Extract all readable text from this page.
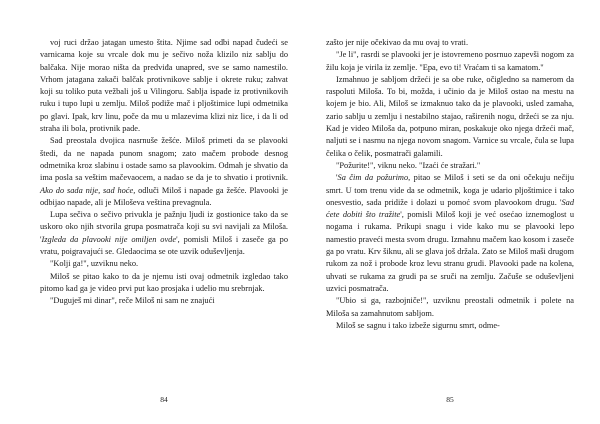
voj ruci držao jatagan umesto štita. Njime sad odbi napad čudeći se varnicama koje su vrcale dok mu je sečivo noža klizilo niz sablju do balčaka. Nije morao ništa da predviđa unapred, sve se samo namestilo. Vrhom jatagana zakači balčak protivnikove sablje i okrete ruku; zahvat koji su toliko puta vežbali još u Vilingoru. Sablja ispade iz protivnikovih ruku i tupo lupi u zemlju. Miloš podiže mač i pljoštimice lupi odmetnika po glavi. Ipak, krv linu, poče da mu u mlazevima klizi niz lice, i da li od straha ili bola, protivnik pade.

Sad preostala dvojica nasrnuše žešće. Miloš primeti da se plavooki štedi, da ne napada punom snagom; zato mačem probode desnog odmetnika kroz slabinu i ostade samo sa plavookim. Odmah je shvatio da ima posla sa veštim mačevaocem, a nadao se da je to shvatio i protivnik. Ako do sada nije, sad hoće, odluči Miloš i napade ga žešće. Plavooki je odbijao napade, ali je Miloševa veština prevagnula.

Lupa sečiva o sečivo privukla je pažnju ljudi iz gostionice tako da se uskoro oko njih stvorila grupa posmatrača koji su svi navijali za Miloša. 'Izgleda da plavooki nije omiljen ovde', pomisli Miloš i zaseče ga po vratu, poigravajući se. Gledaocima se ote uzvik oduševljenja.

"Kolji ga!", uzviknu neko.

Miloš se pitao kako to da je njemu isti ovaj odmetnik izgledao tako pitomo kad ga je video prvi put kao prosjaka i udelio mu srebrnjak.

"Duguješ mi dinar", reče Miloš ni sam ne znajući

84

zašto jer nije očekivao da mu ovaj to vrati.

"Je li", rasrdi se plavooki jer je istovremeno posrnuo zapevši nogom za žilu koja je virila iz zemlje. "Epa, evo ti! Vraćam ti sa kamatom."

Izmahnuo je sabljom držeći je sa obe ruke, očigledno sa namerom da raspoluti Miloša. To bi, možda, i učinio da je Miloš ostao na mestu na kojem je bio. Ali, Miloš se izmaknuo tako da je plavooki, usled zamaha, zario sablju u zemlju i nestabilno stajao, raširenih nogu, držeći se za nju. Kad je video Miloša da, potpuno miran, poskakuje oko njega držeći mač, naljuti se i nasrnu na njega novom snagom. Varnice su vrcale, čula se lupa čelika o čelik, posmatrači galamili.

"Požurite!", viknu neko. "Izaći će stražari."

'Sa čim da požurimo, pitao se Miloš i seti se da oni očekuju nečiju smrt. U tom trenu vide da se odmetnik, koga je udario pljoštimice i tako onesvestio, sada pridiže i dolazi u pomoć svom plavookom drugu. 'Sad ćete dobiti što tražite', pomisli Miloš koji je već osećao iznemoglost u nogama i rukama. Prikupi snagu i vide kako mu se plavooki lepo namestio praveći mesta svom drugu. Izmahnu mačem kao kosom i zaseče ga po vratu. Krv šiknu, ali se glava još držala. Zato se Miloš maši drugom rukom za nož i probode kroz levu stranu grudi. Plavooki pade na kolena, uhvati se rukama za grudi pa se sruči na zemlju. Začuše se oduševljeni uzvici posmatrača.

"Ubio si ga, razbojniče!", uzviknu preostali odmetnik i polete na Miloša sa zamahnutom sabljom.

Miloš se sagnu i tako izbeže sigurnu smrt, odme-

85
